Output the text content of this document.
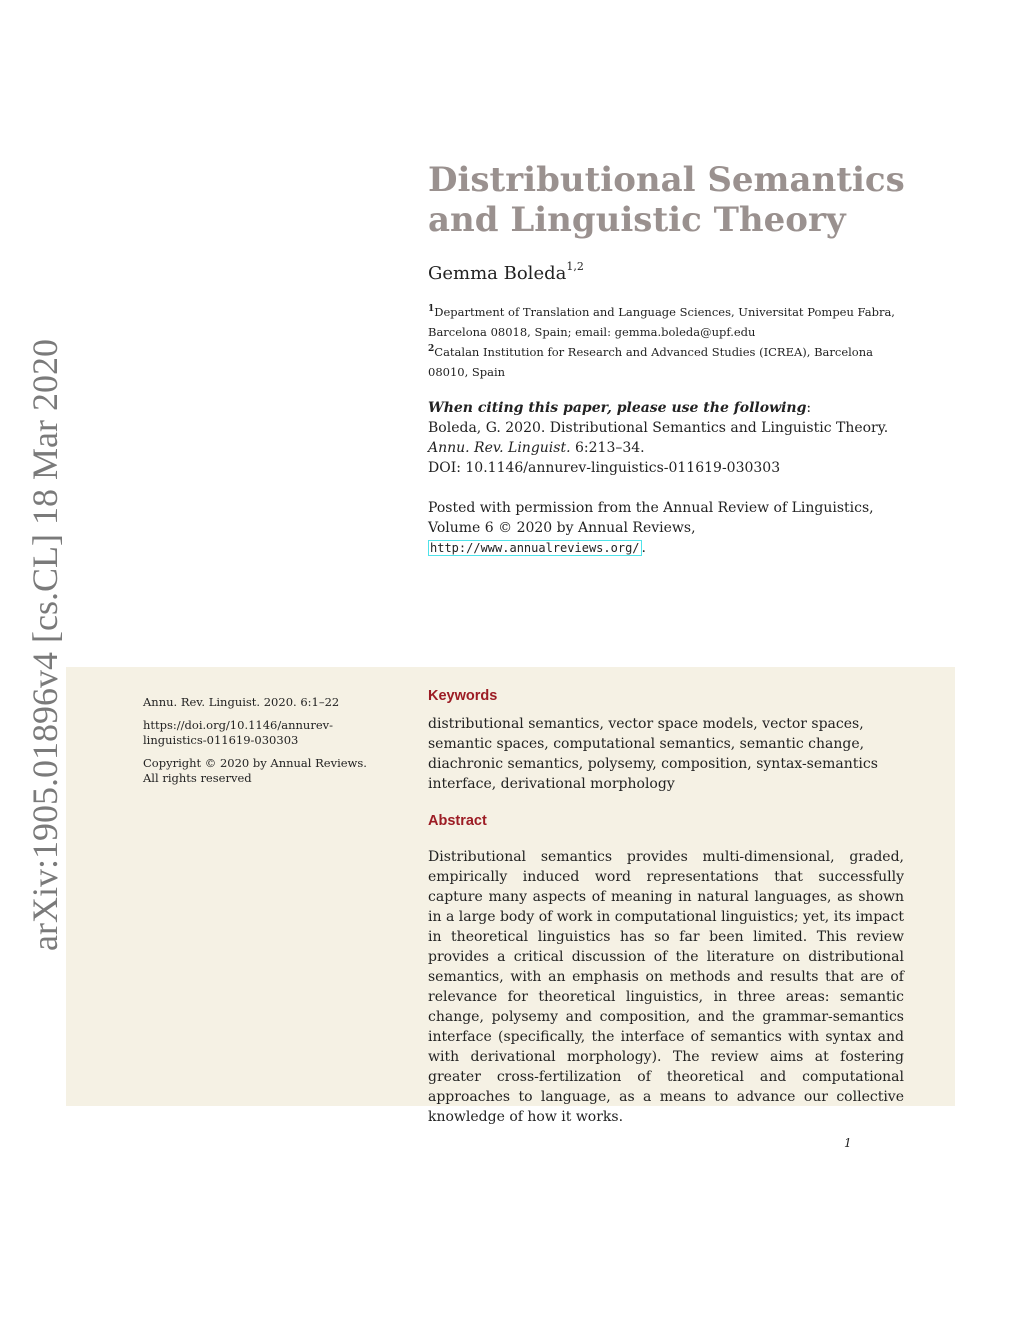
arXiv:1905.01896v4 [cs.CL] 18 Mar 2020
Distributional Semantics and Linguistic Theory

Gemma Boleda$^{1,2}$

$^1$Department of Translation and Language Sciences, Universitat Pompeu Fabra, Barcelona 08018, Spain; email: gemma.boleda@upf.edu

$^2$Catalan Institution for Research and Advanced Studies (ICREA), Barcelona 08010, Spain

When citing this paper, please use the following:
Boleda, G. 2020. Distributional Semantics and Linguistic Theory.
Annu. Rev. Linguist. 6:213–34.
DOI: 10.1146/annurev-linguistics-011619-030303
Posted with permission from the Annual Review of Linguistics,
Volume 6 © 2020 by Annual Reviews,
http://www.annualreviews.org/ .

Annu. Rev. Linguist. 2020. 6:1–22

https://doi.org/10.1146/annurev-linguistics-011619-030303

Copyright © 2020 by Annual Reviews.

All rights reserved

Keywords

distributional semantics, vector space models, vector spaces, semantic spaces, computational semantics, semantic change, diachronic semantics, polysemy, composition, syntax-semantics interface, derivational morphology

Abstract

Distributional semantics provides multi-dimensional, graded, empirically induced word representations that successfully capture many aspects of meaning in natural languages, as shown in a large body of work in computational linguistics; yet, its impact in theoretical linguistics has so far been limited. This review provides a critical discussion of the literature on distributional semantics, with an emphasis on methods and results that are of relevance for theoretical linguistics, in three areas: semantic change, polysemy and composition, and the grammar-semantics interface (specifically, the interface of semantics with syntax and with derivational morphology). The review aims at fostering greater cross-fertilization of theoretical and computational approaches to language, as a means to advance our collective knowledge of how it works.

1
